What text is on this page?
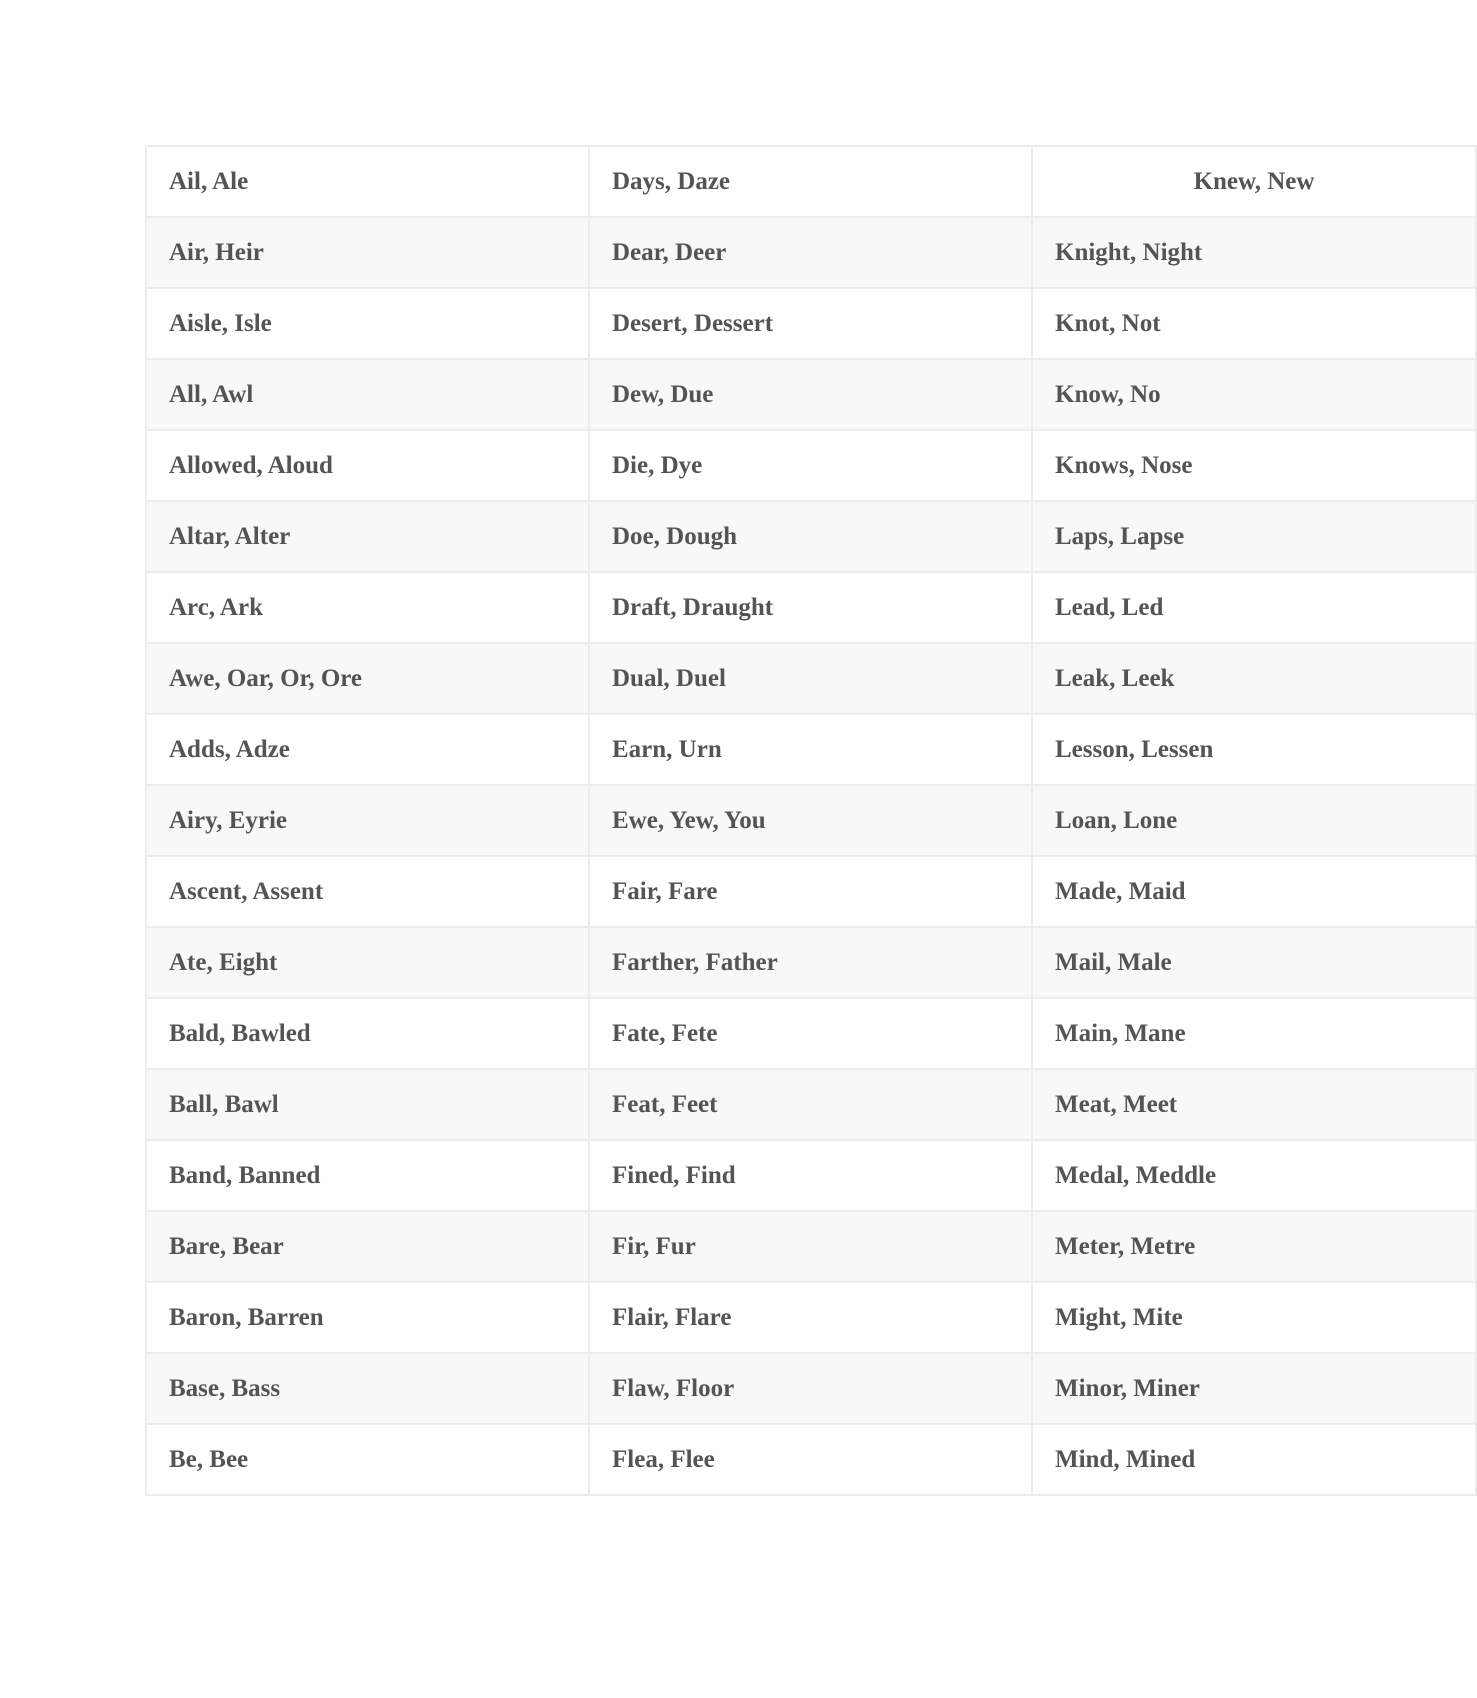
Ail, Ale	Days, Daze	Knew, New
Air, Heir	Dear, Deer	Knight, Night
Aisle, Isle	Desert, Dessert	Knot, Not
All, Awl	Dew, Due	Know, No
Allowed, Aloud	Die, Dye	Knows, Nose
Altar, Alter	Doe, Dough	Laps, Lapse
Arc, Ark	Draft, Draught	Lead, Led
Awe, Oar, Or, Ore	Dual, Duel	Leak, Leek
Adds, Adze	Earn, Urn	Lesson, Lessen
Airy, Eyrie	Ewe, Yew, You	Loan, Lone
Ascent, Assent	Fair, Fare	Made, Maid
Ate, Eight	Farther, Father	Mail, Male
Bald, Bawled	Fate, Fete	Main, Mane
Ball, Bawl	Feat, Feet	Meat, Meet
Band, Banned	Fined, Find	Medal, Meddle
Bare, Bear	Fir, Fur	Meter, Metre
Baron, Barren	Flair, Flare	Might, Mite
Base, Bass	Flaw, Floor	Minor, Miner
Be, Bee	Flea, Flee	Mind, Mined
